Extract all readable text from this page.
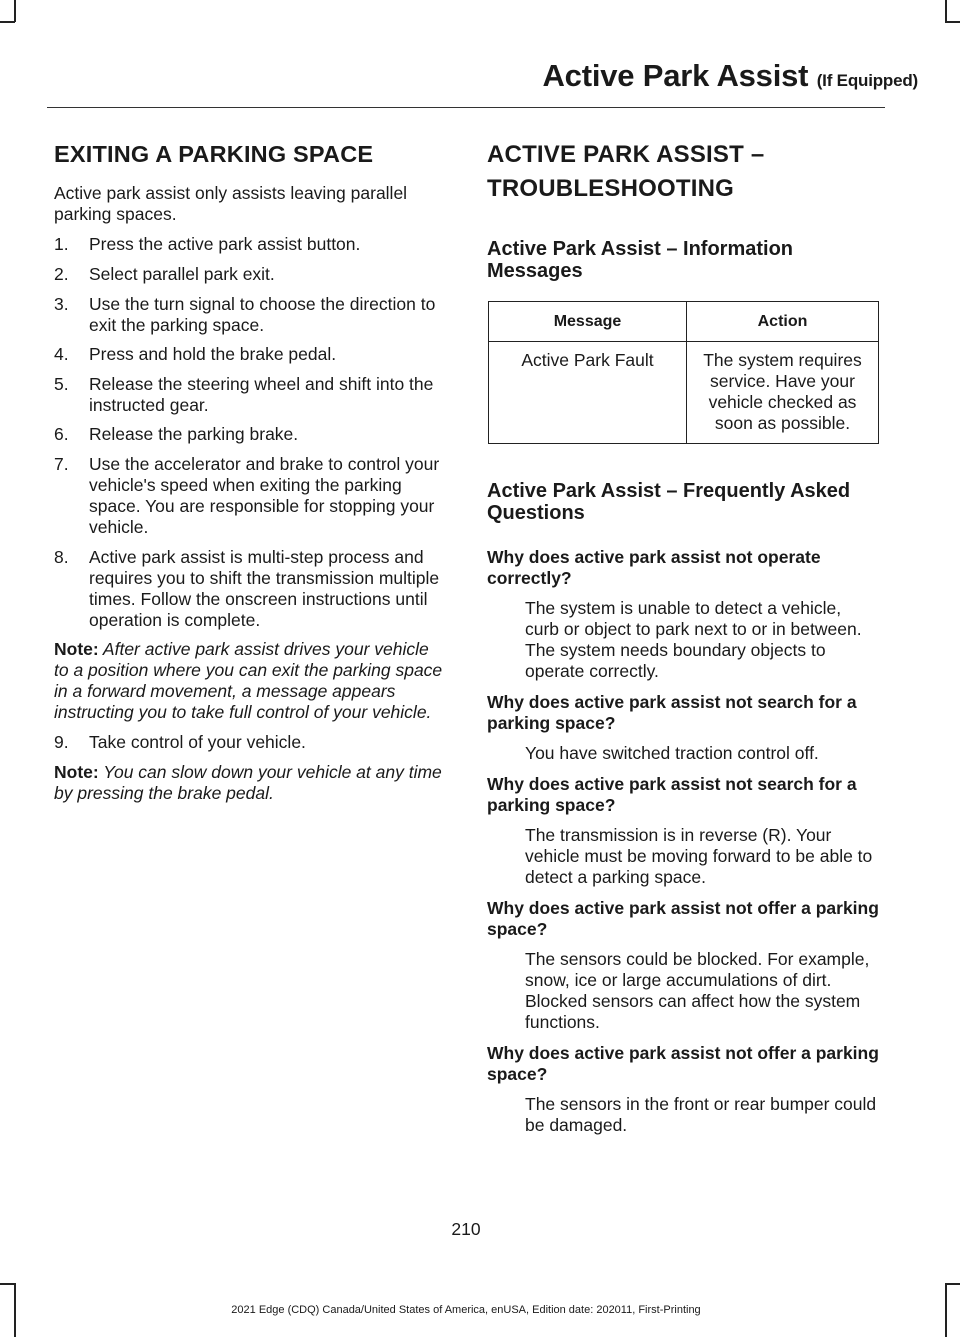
Active Park Assist (If Equipped)
EXITING A PARKING SPACE

Active park assist only assists leaving parallel parking spaces.

1.	Press the active park assist button.
2.	Select parallel park exit.
3.	Use the turn signal to choose the direction to exit the parking space.
4.	Press and hold the brake pedal.
5.	Release the steering wheel and shift into the instructed gear.
6.	Release the parking brake.
7.	Use the accelerator and brake to control your vehicle's speed when exiting the parking space. You are responsible for stopping your vehicle.
8.	Active park assist is multi-step process and requires you to shift the transmission multiple times. Follow the onscreen instructions until operation is complete.

Note: After active park assist drives your vehicle to a position where you can exit the parking space in a forward movement, a message appears instructing you to take full control of your vehicle.

9.	Take control of your vehicle.

Note: You can slow down your vehicle at any time by pressing the brake pedal.

ACTIVE PARK ASSIST –
TROUBLESHOOTING
Active Park Assist – Information Messages
Message	Action
Active Park Fault	The system requires service. Have your vehicle checked as soon as possible.
Active Park Assist – Frequently Asked Questions

Why does active park assist not operate correctly?

The system is unable to detect a vehicle, curb or object to park next to or in between. The system needs boundary objects to operate correctly.

Why does active park assist not search for a parking space?

You have switched traction control off.

Why does active park assist not search for a parking space?

The transmission is in reverse (R). Your vehicle must be moving forward to be able to detect a parking space.

Why does active park assist not offer a parking space?

The sensors could be blocked. For example, snow, ice or large accumulations of dirt. Blocked sensors can affect how the system functions.

Why does active park assist not offer a parking space?

The sensors in the front or rear bumper could be damaged.

210
2021 Edge (CDQ) Canada/United States of America, enUSA, Edition date: 202011, First-Printing
